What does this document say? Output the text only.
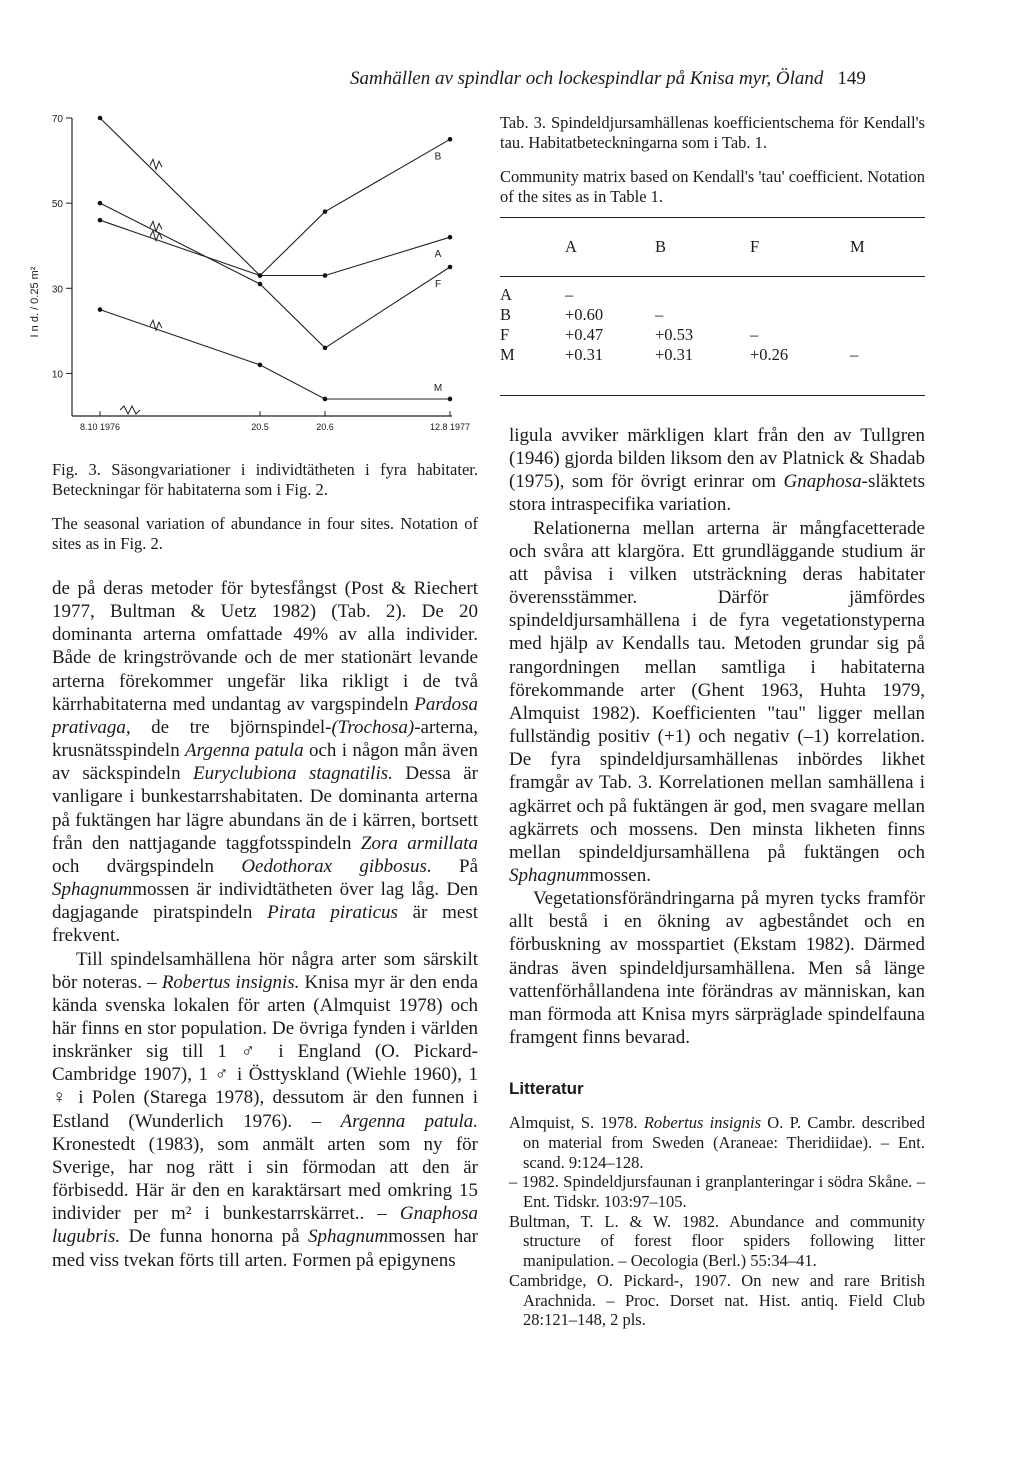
Samhällen av spindlar och lockespindlar på Knisa myr, Öland 149
10
30
50
70
8.10 1976	20.5	20.6	12.8 1977
B
A
F
M
I n d. / 0.25 m²
Fig. 3. Säsongvariationer i individtätheten i fyra habitater. Beteckningar för habitaterna som i Fig. 2.
The seasonal variation of abundance in four sites. Notation of sites as in Fig. 2.

de på deras metoder för bytesfångst (Post & Riechert 1977, Bultman & Uetz 1982) (Tab. 2). De 20 dominanta arterna omfattade 49% av alla individer. Både de kringströvande och de mer stationärt levande arterna förekommer ungefär lika rikligt i de två kärrhabitaterna med undantag av vargspindeln Pardosa prativaga, de tre björnspindel-(Trochosa)-arterna, krusnätsspindeln Argenna patula och i någon mån även av säckspindeln Euryclubiona stagnatilis. Dessa är vanligare i bunkestarrshabitaten. De dominanta arterna på fuktängen har lägre abundans än de i kärren, bortsett från den nattjagande taggfotsspindeln Zora armillata och dvärgspindeln Oedothorax gibbosus. På Sphagnummossen är individtätheten över lag låg. Den dagjagande piratspindeln Pirata piraticus är mest frekvent.

Till spindelsamhällena hör några arter som särskilt bör noteras. – Robertus insignis. Knisa myr är den enda kända svenska lokalen för arten (Almquist 1978) och här finns en stor population. De övriga fynden i världen inskränker sig till 1 ♂ i England (O. Pickard-Cambridge 1907), 1 ♂ i Östtyskland (Wiehle 1960), 1 ♀ i Polen (Starega 1978), dessutom är den funnen i Estland (Wunderlich 1976). – Argenna patula. Kronestedt (1983), som anmält arten som ny för Sverige, har nog rätt i sin förmodan att den är förbisedd. Här är den en karaktärsart med omkring 15 individer per m² i bunkestarrskärret.. – Gnaphosa lugubris. De funna honorna på Sphagnummossen har med viss tvekan förts till arten. Formen på epigynens

Tab. 3. Spindeldjursamhällenas koefficientschema för Kendall's tau. Habitatbeteckningarna som i Tab. 1.
Community matrix based on Kendall's 'tau' coefficient. Notation of the sites as in Table 1.
	A	B	F	M

A	–			
B	+0.60	–		
F	+0.47	+0.53	–	
M	+0.31	+0.31	+0.26	–

ligula avviker märkligen klart från den av Tullgren (1946) gjorda bilden liksom den av Platnick & Shadab (1975), som för övrigt erinrar om Gnaphosa-släktets stora intraspecifika variation.

Relationerna mellan arterna är mångfacetterade och svåra att klargöra. Ett grundläggande studium är att påvisa i vilken utsträckning deras habitater överensstämmer. Därför jämfördes spindeldjursamhällena i de fyra vegetationstyperna med hjälp av Kendalls tau. Metoden grundar sig på rangordningen mellan samtliga i habitaterna förekommande arter (Ghent 1963, Huhta 1979, Almquist 1982). Koefficienten "tau" ligger mellan fullständig positiv (+1) och negativ (–1) korrelation. De fyra spindeldjursamhällenas inbördes likhet framgår av Tab. 3. Korrelationen mellan samhällena i agkärret och på fuktängen är god, men svagare mellan agkärrets och mossens. Den minsta likheten finns mellan spindeldjursamhällena på fuktängen och Sphagnummossen.

Vegetationsförändringarna på myren tycks framför allt bestå i en ökning av agbeståndet och en förbuskning av mosspartiet (Ekstam 1982). Därmed ändras även spindeldjursamhällena. Men så länge vattenförhållandena inte förändras av människan, kan man förmoda att Knisa myrs särpräglade spindelfauna framgent finns bevarad.

Litteratur
Almquist, S. 1978. Robertus insignis O. P. Cambr. described on material from Sweden (Araneae: Theridiidae). – Ent. scand. 9:124–128.
– 1982. Spindeldjursfaunan i granplanteringar i södra Skåne. – Ent. Tidskr. 103:97–105.
Bultman, T. L. & W. 1982. Abundance and community structure of forest floor spiders following litter manipulation. – Oecologia (Berl.) 55:34–41.
Cambridge, O. Pickard-, 1907. On new and rare British Arachnida. – Proc. Dorset nat. Hist. antiq. Field Club 28:121–148, 2 pls.
